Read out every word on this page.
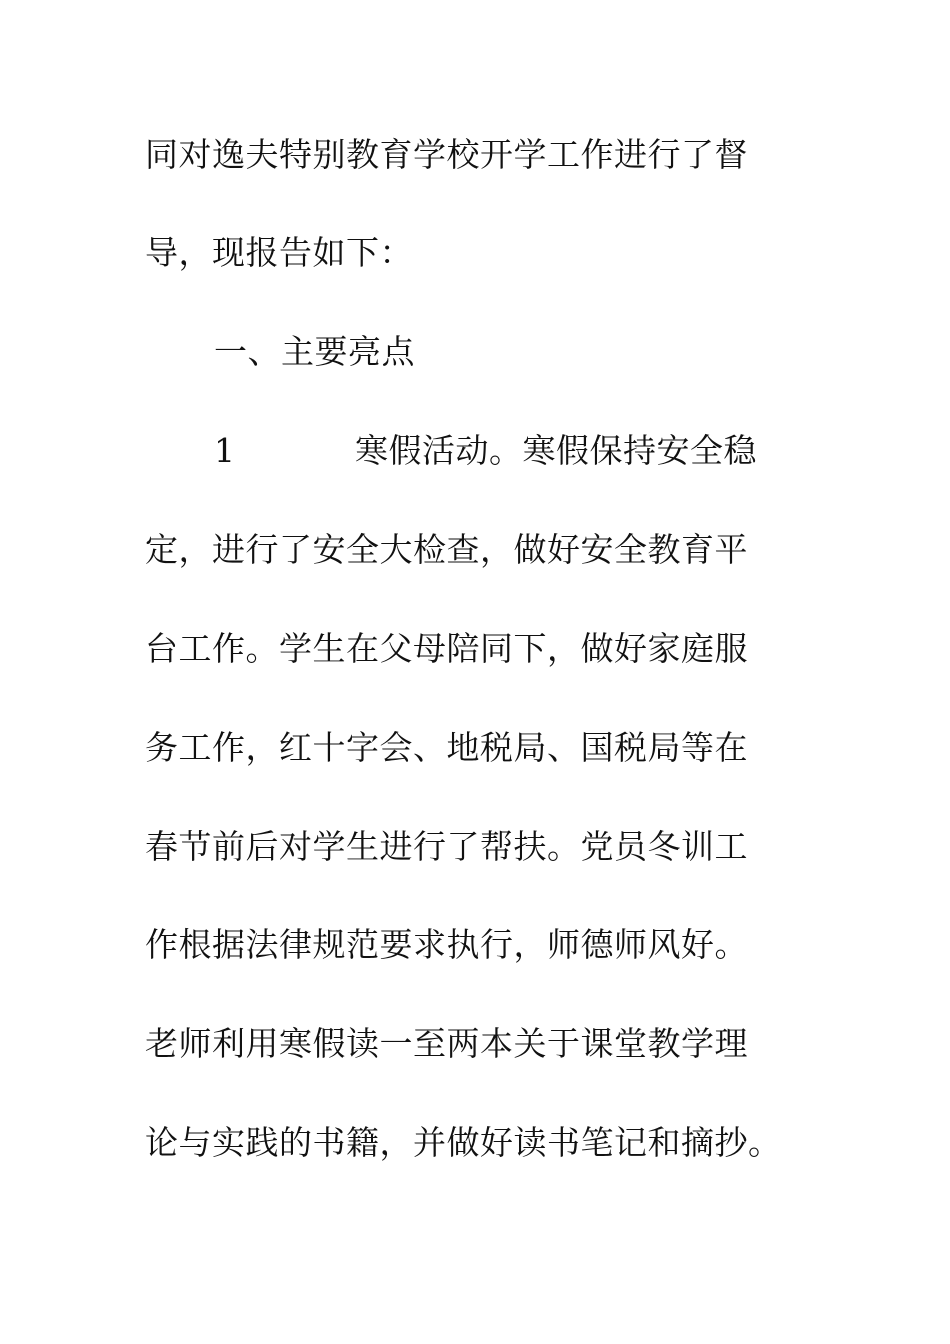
同对逸夫特别教育学校开学工作进行了督
导，现报告如下：
一、主要亮点
1	寒假活动。寒假保持安全稳
定，进行了安全大检查，做好安全教育平
台工作。学生在父母陪同下，做好家庭服
务工作，红十字会、地税局、国税局等在
春节前后对学生进行了帮扶。党员冬训工
作根据法律规范要求执行，师德师风好。
老师利用寒假读一至两本关于课堂教学理
论与实践的书籍，并做好读书笔记和摘抄。
